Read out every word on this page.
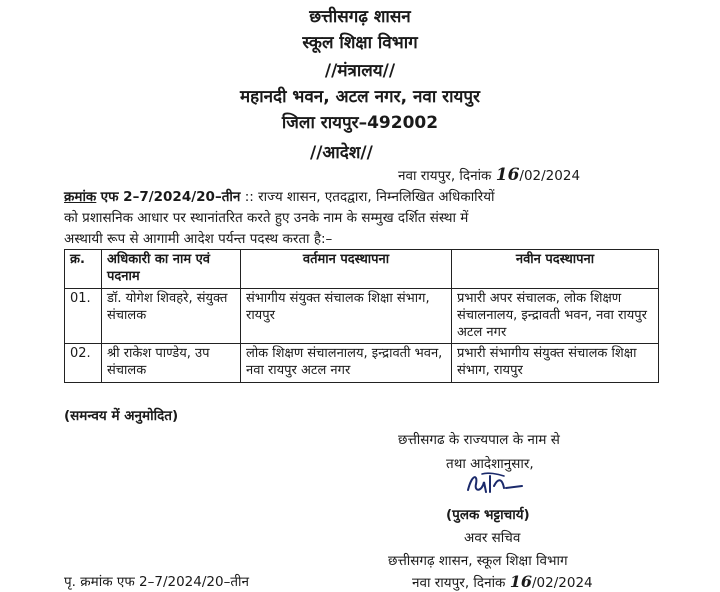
छत्तीसगढ़ शासन
स्कूल शिक्षा विभाग
//मंत्रालय//
महानदी भवन, अटल नगर, नवा रायपुर
जिला रायपुर–492002
//आदेश//
नवा रायपुर, दिनांक 16/02/2024
क्रमांक एफ 2–7/2024/20–तीन :: राज्य शासन, एतदद्वारा, निम्नलिखित अधिकारियों
को प्रशासनिक आधार पर स्थानांतरित करते हुए उनके नाम के सम्मुख दर्शित संस्था में
अस्थायी रूप से आगामी आदेश पर्यन्त पदस्थ करता है:–
क्र.	अधिकारी का नाम एवं पदनाम	वर्तमान पदस्थापना	नवीन पदस्थापना
01.	डॉ. योगेश शिवहरे, संयुक्त संचालक	संभागीय संयुक्त संचालक शिक्षा संभाग, रायपुर	प्रभारी अपर संचालक, लोक शिक्षण संचालनालय, इन्द्रावती भवन, नवा रायपुर अटल नगर
02.	श्री राकेश पाण्डेय, उप संचालक	लोक शिक्षण संचालनालय, इन्द्रावती भवन, नवा रायपुर अटल नगर	प्रभारी संभागीय संयुक्त संचालक शिक्षा संभाग, रायपुर
(समन्वय में अनुमोदित)
छत्तीसगढ के राज्यपाल के नाम से
तथा आदेशानुसार,
(पुलक भट्टाचार्य)
अवर सचिव
छत्तीसगढ़ शासन, स्कूल शिक्षा विभाग
पृ. क्रमांक एफ 2–7/2024/20–तीन	नवा रायपुर, दिनांक 16/02/2024
